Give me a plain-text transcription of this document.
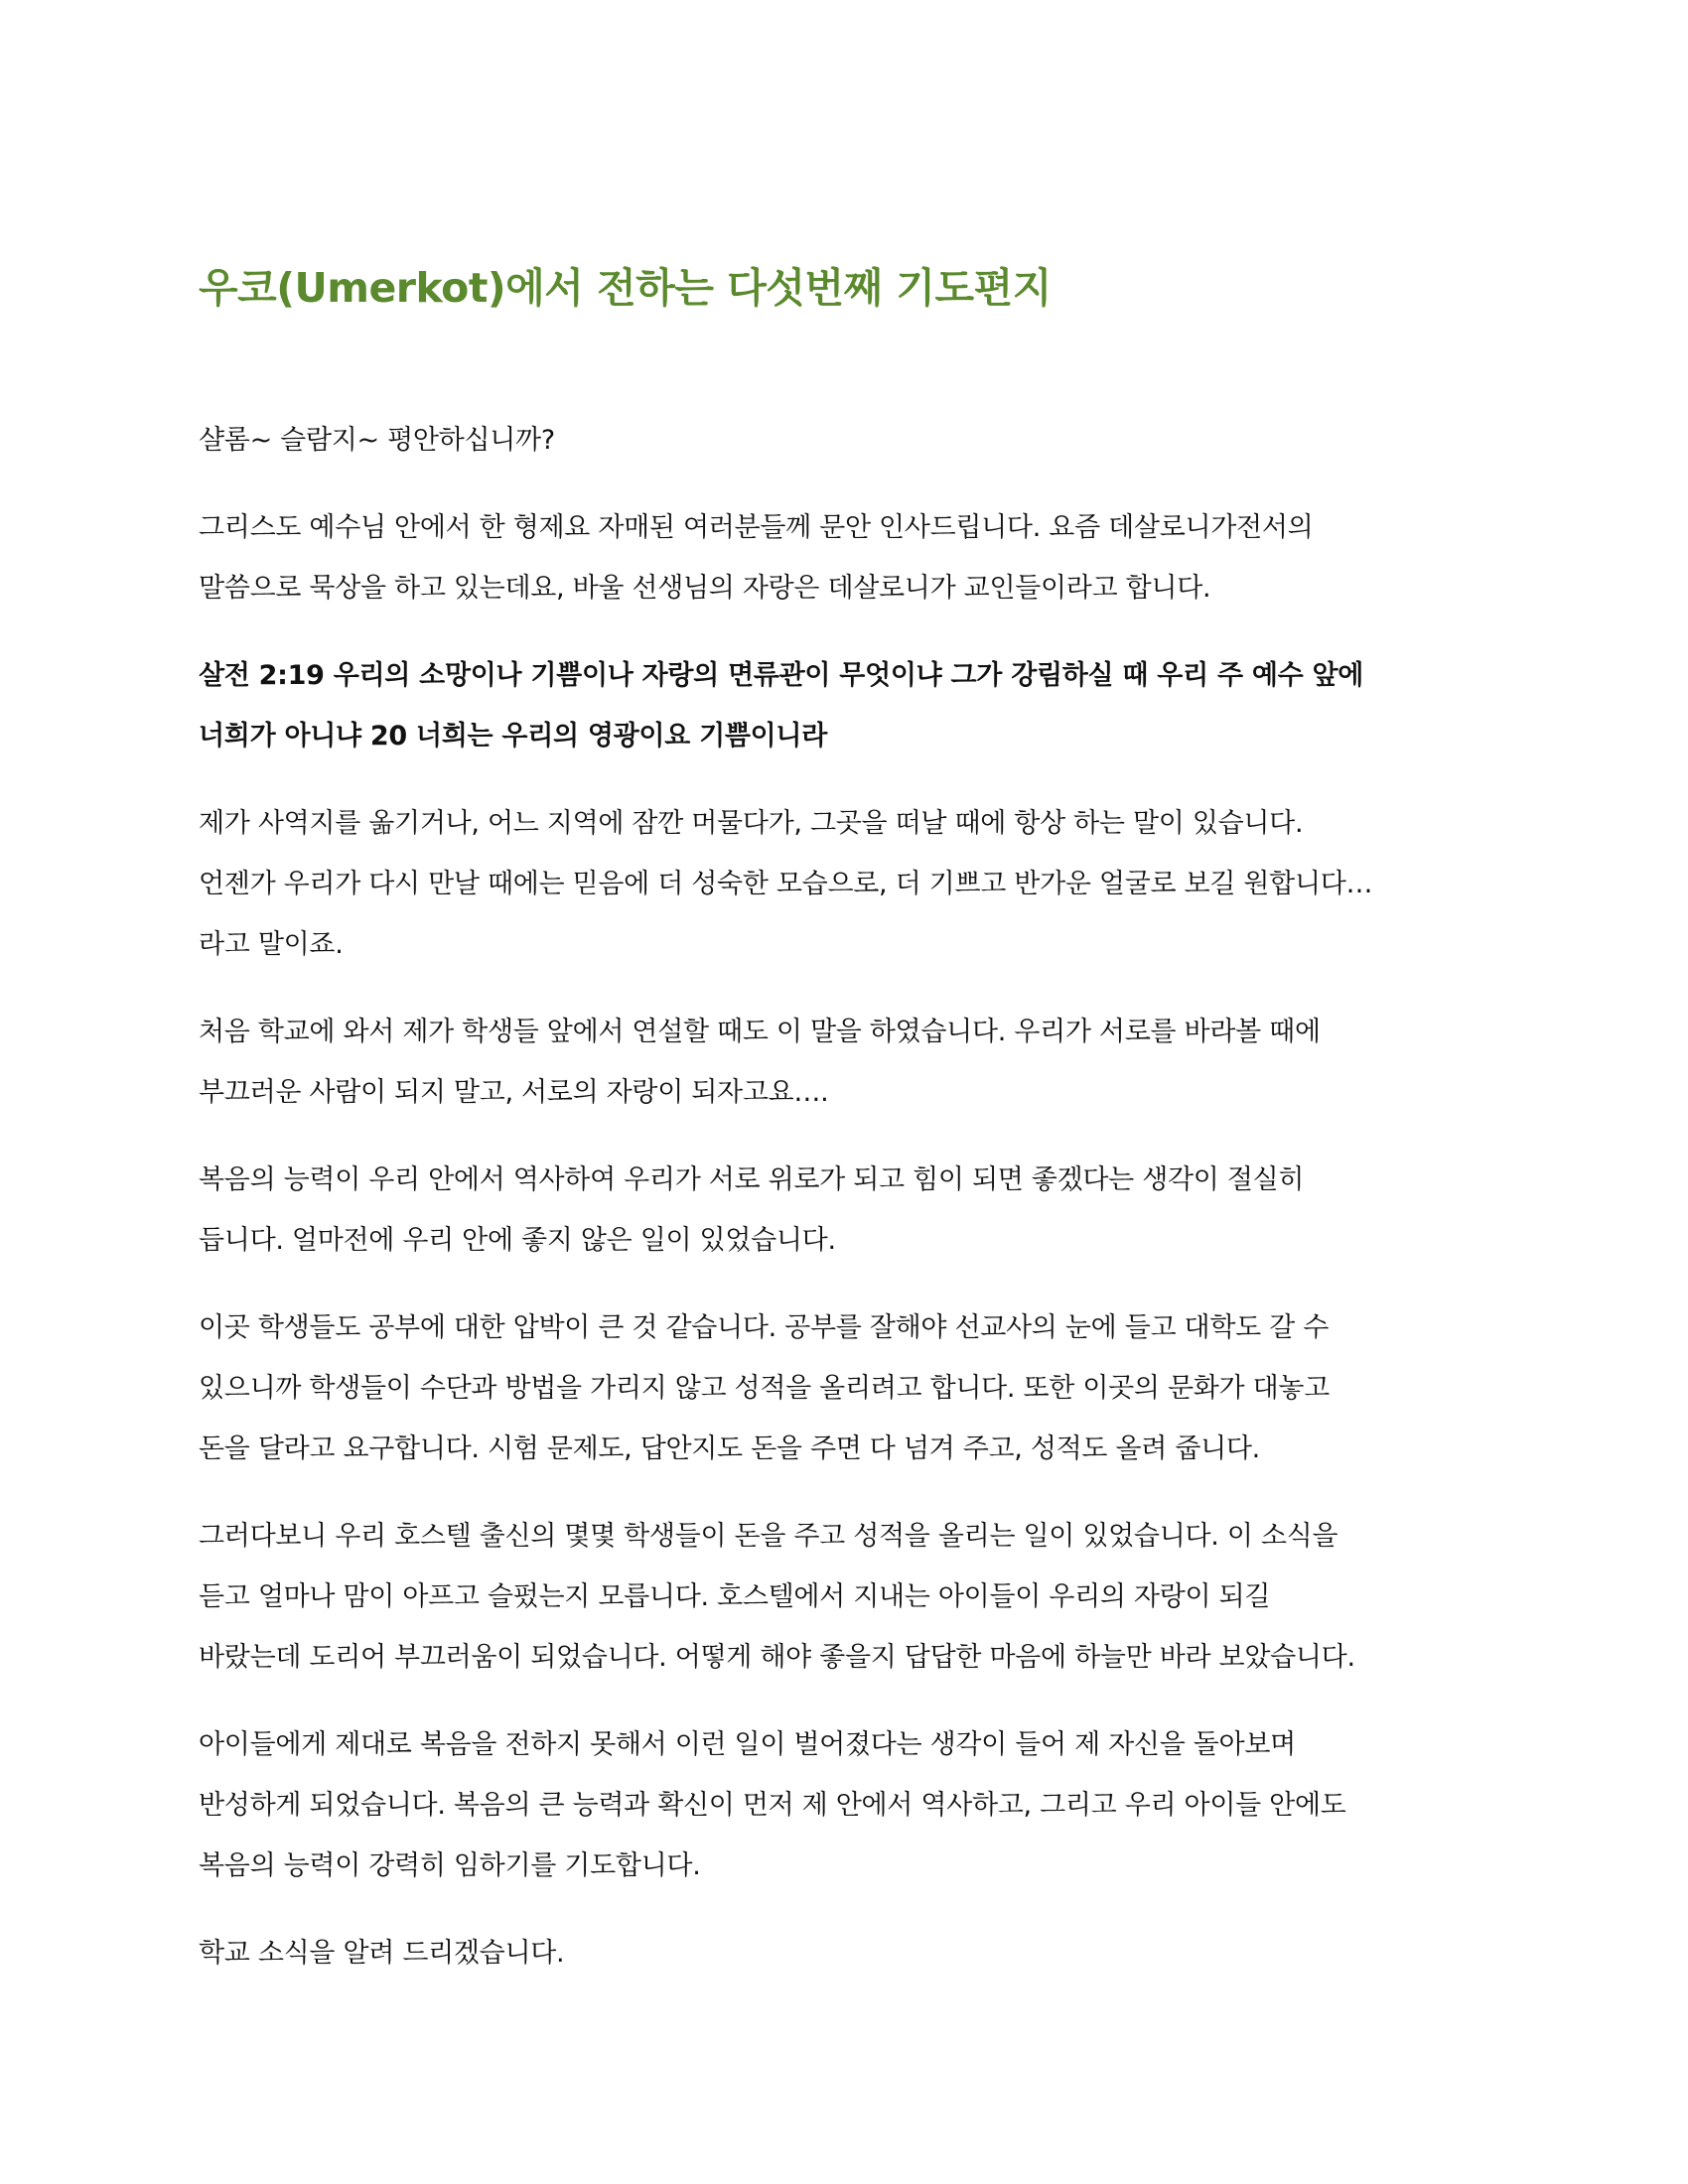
우코(Umerkot)에서 전하는 다섯번째 기도편지

샬롬~ 슬람지~ 평안하십니까?

그리스도 예수님 안에서 한 형제요 자매된 여러분들께 문안 인사드립니다. 요즘 데살로니가전서의
말씀으로 묵상을 하고 있는데요, 바울 선생님의 자랑은 데살로니가 교인들이라고 합니다.

살전 2:19 우리의 소망이나 기쁨이나 자랑의 면류관이 무엇이냐 그가 강림하실 때 우리 주 예수 앞에
너희가 아니냐 20 너희는 우리의 영광이요 기쁨이니라

제가 사역지를 옮기거나, 어느 지역에 잠깐 머물다가, 그곳을 떠날 때에 항상 하는 말이 있습니다.
언젠가 우리가 다시 만날 때에는 믿음에 더 성숙한 모습으로, 더 기쁘고 반가운 얼굴로 보길 원합니다…
라고 말이죠.

처음 학교에 와서 제가 학생들 앞에서 연설할 때도 이 말을 하였습니다. 우리가 서로를 바라볼 때에
부끄러운 사람이 되지 말고, 서로의 자랑이 되자고요….

복음의 능력이 우리 안에서 역사하여 우리가 서로 위로가 되고 힘이 되면 좋겠다는 생각이 절실히
듭니다. 얼마전에 우리 안에 좋지 않은 일이 있었습니다.

이곳 학생들도 공부에 대한 압박이 큰 것 같습니다. 공부를 잘해야 선교사의 눈에 들고 대학도 갈 수
있으니까 학생들이 수단과 방법을 가리지 않고 성적을 올리려고 합니다. 또한 이곳의 문화가 대놓고
돈을 달라고 요구합니다. 시험 문제도, 답안지도 돈을 주면 다 넘겨 주고, 성적도 올려 줍니다.

그러다보니 우리 호스텔 출신의 몇몇 학생들이 돈을 주고 성적을 올리는 일이 있었습니다. 이 소식을
듣고 얼마나 맘이 아프고 슬펐는지 모릅니다. 호스텔에서 지내는 아이들이 우리의 자랑이 되길
바랐는데 도리어 부끄러움이 되었습니다. 어떻게 해야 좋을지 답답한 마음에 하늘만 바라 보았습니다.

아이들에게 제대로 복음을 전하지 못해서 이런 일이 벌어졌다는 생각이 들어 제 자신을 돌아보며
반성하게 되었습니다. 복음의 큰 능력과 확신이 먼저 제 안에서 역사하고, 그리고 우리 아이들 안에도
복음의 능력이 강력히 임하기를 기도합니다.

학교 소식을 알려 드리겠습니다.
